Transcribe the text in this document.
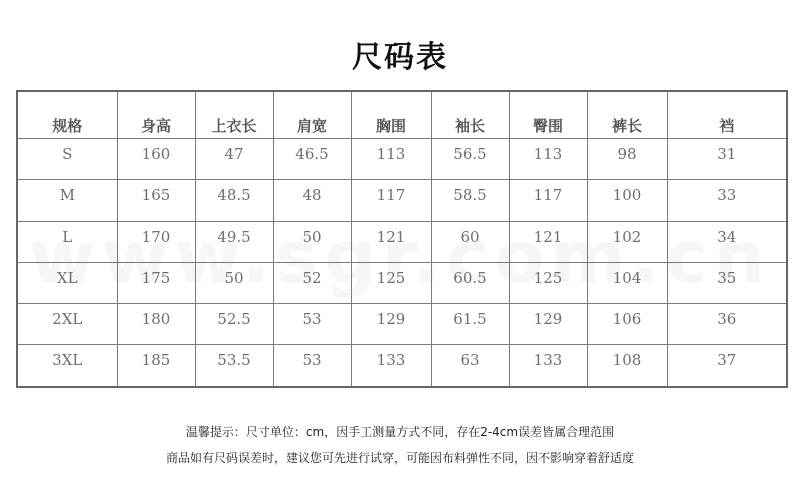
尺码表
规格	身高	上衣长	肩宽	胸围	袖长	臀围	裤长	裆
S	160	47	46.5	113	56.5	113	98	31
M	165	48.5	48	117	58.5	117	100	33
L	170	49.5	50	121	60	121	102	34
XL	175	50	52	125	60.5	125	104	35
2XL	180	52.5	53	129	61.5	129	106	36
3XL	185	53.5	53	133	63	133	108	37
温馨提示：尺寸单位：cm，因手工测量方式不同，存在2-4cm误差皆属合理范围
商品如有尺码误差时，建议您可先进行试穿，可能因布料弹性不同，因不影响穿着舒适度
